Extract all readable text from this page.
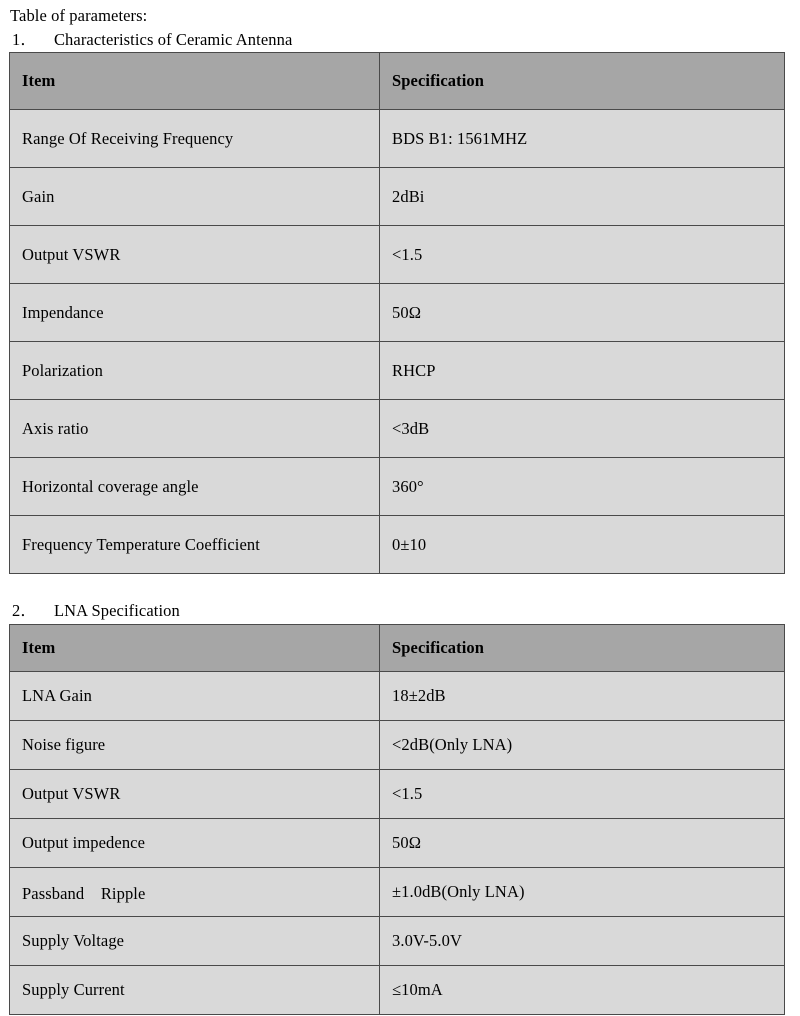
Table of parameters:
1． Characteristics of Ceramic Antenna
Item	Specification
Range Of Receiving Frequency	BDS B1: 1561MHZ
Gain	2dBi
Output VSWR	<1.5
Impendance	50Ω
Polarization	RHCP
Axis ratio	<3dB
Horizontal coverage angle	360°
Frequency Temperature Coefficient	0±10
2． LNA Specification
Item	Specification
LNA Gain	18±2dB
Noise figure	<2dB(Only LNA)
Output VSWR	<1.5
Output impedence	50Ω
Passband　Ripple	±1.0dB(Only LNA)
Supply Voltage	3.0V-5.0V
Supply Current	≤10mA
